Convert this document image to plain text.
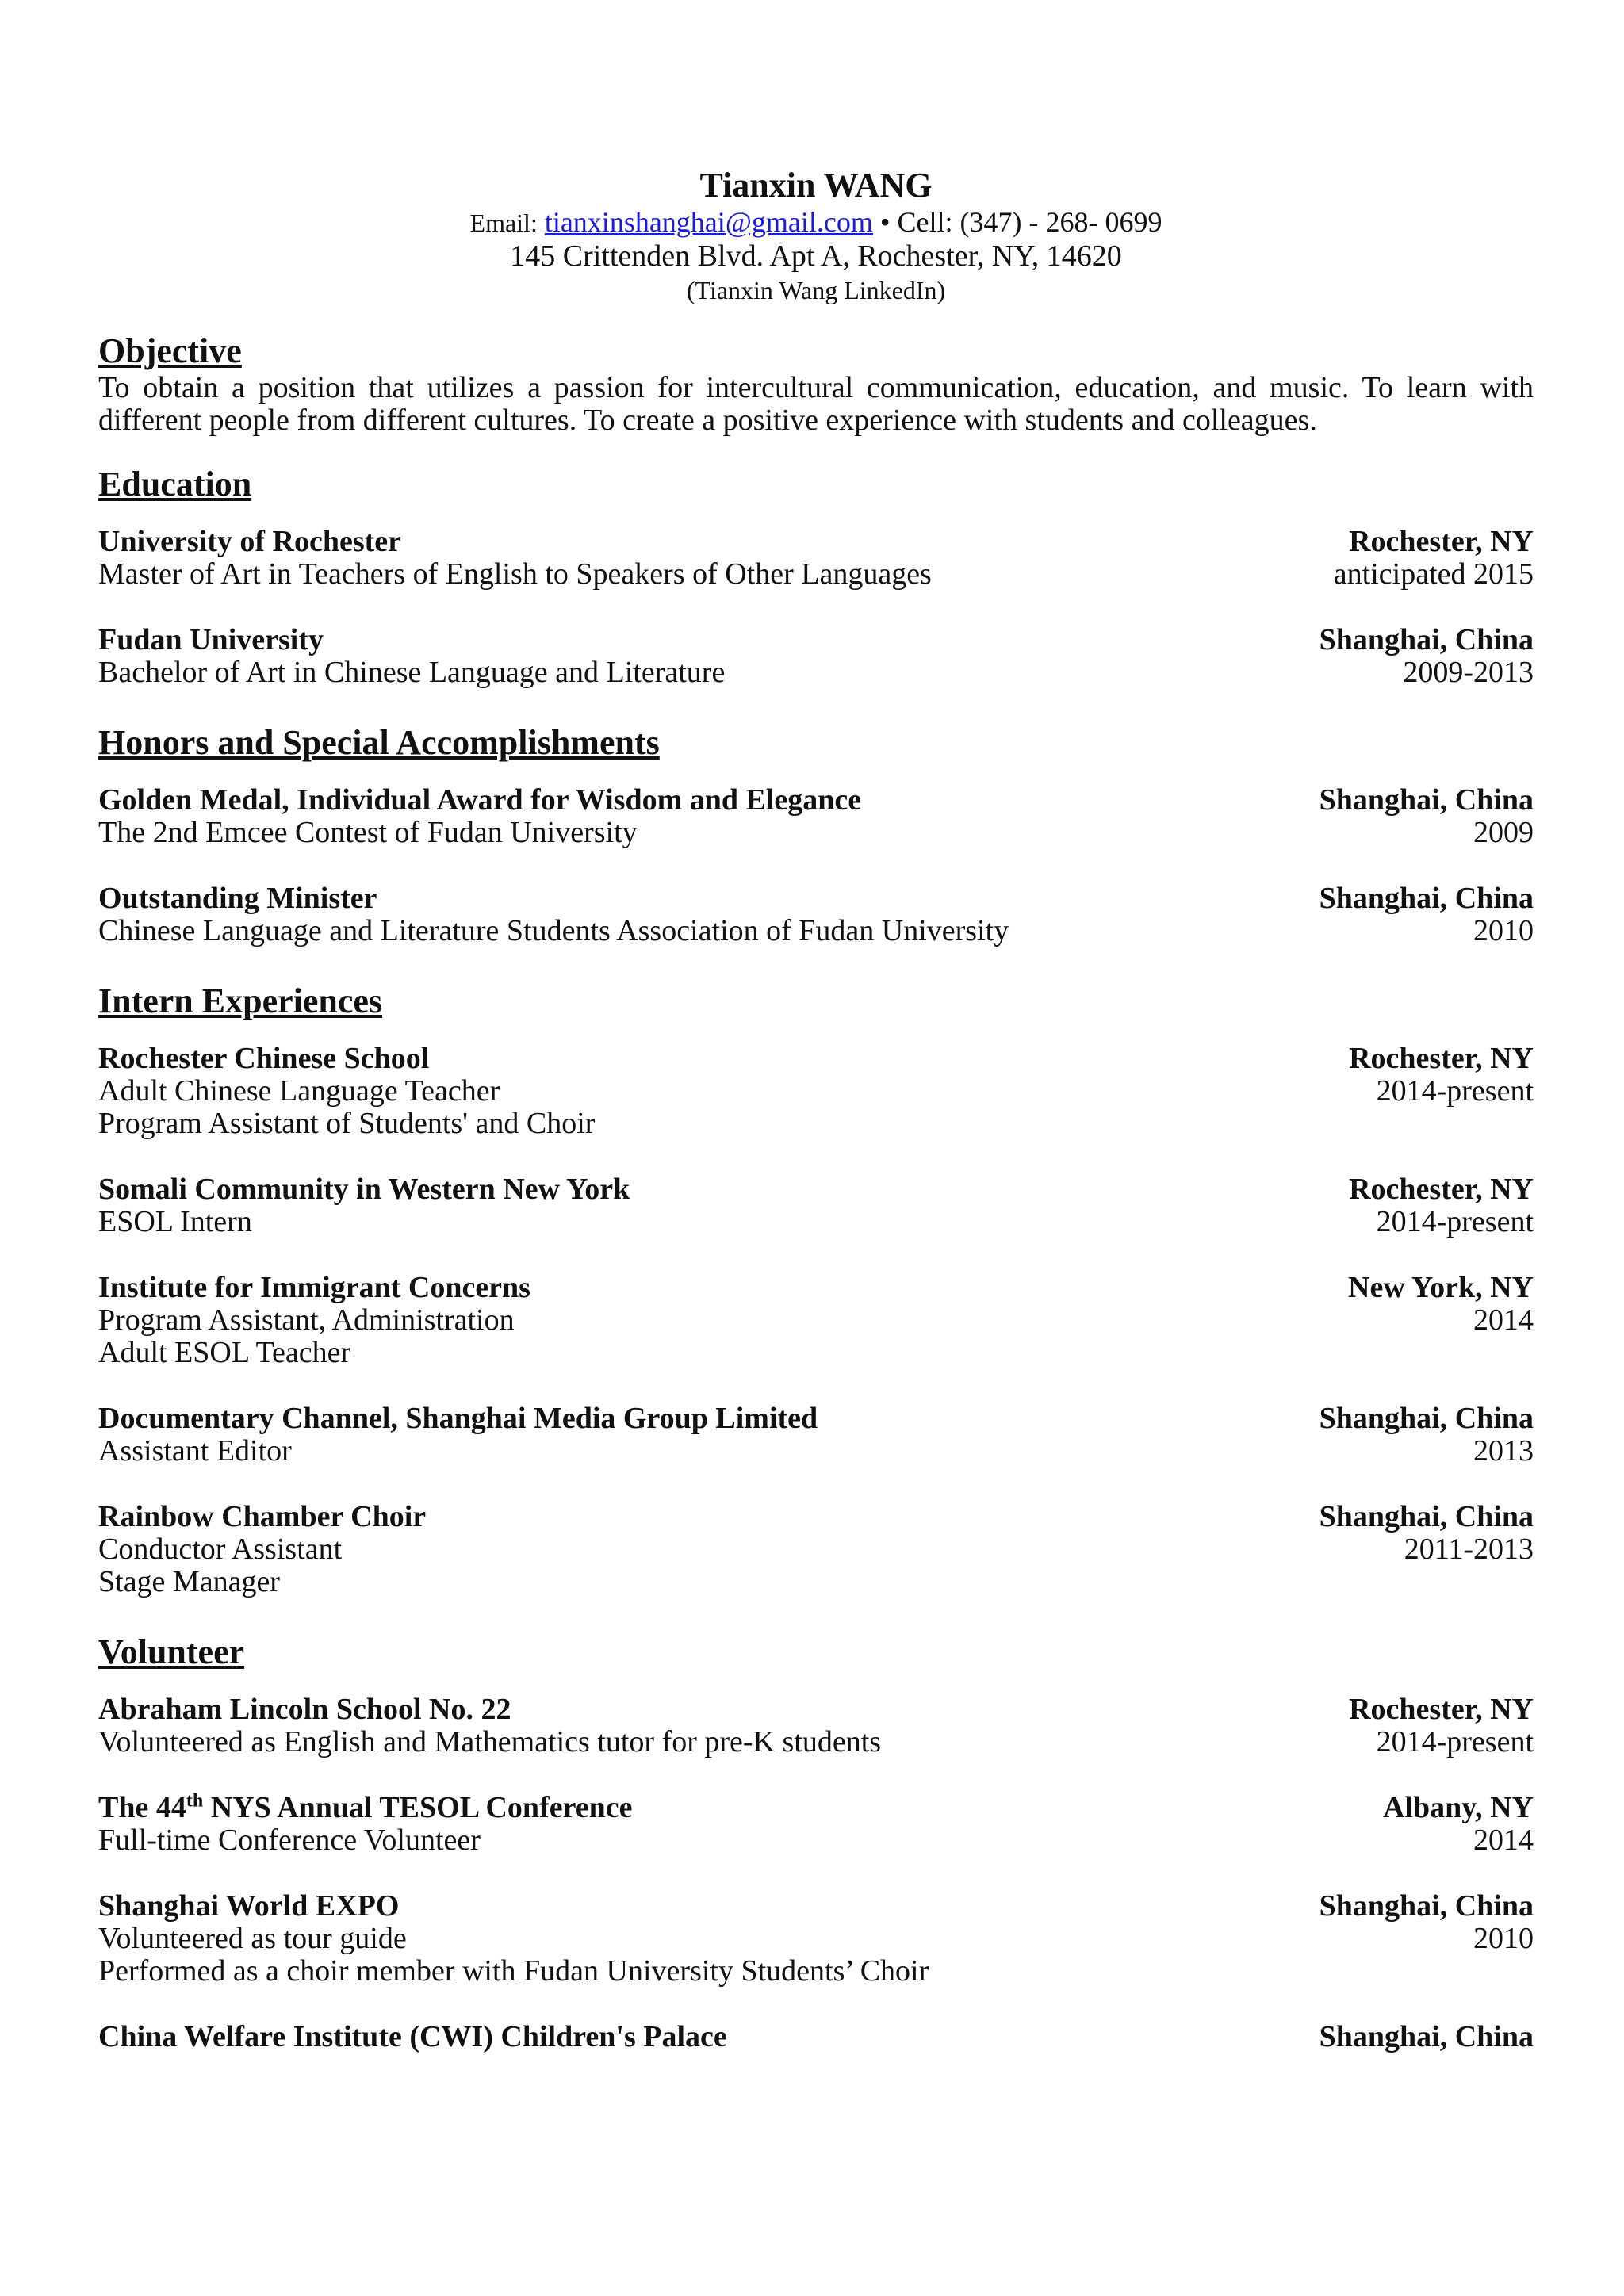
Tianxin WANG
Email: tianxinshanghai@gmail.com • Cell: (347) - 268- 0699
145 Crittenden Blvd. Apt A, Rochester, NY, 14620
(Tianxin Wang LinkedIn)
Objective

To obtain a position that utilizes a passion for intercultural communication, education, and music. To learn with different people from different cultures. To create a positive experience with students and colleagues.

Education
University of Rochester	Rochester, NY
Master of Art in Teachers of English to Speakers of Other Languages	anticipated 2015
Fudan University	Shanghai, China
Bachelor of Art in Chinese Language and Literature	2009-2013
Honors and Special Accomplishments
Golden Medal, Individual Award for Wisdom and Elegance	Shanghai, China
The 2nd Emcee Contest of Fudan University	2009
Outstanding Minister	Shanghai, China
Chinese Language and Literature Students Association of Fudan University	2010
Intern Experiences
Rochester Chinese School	Rochester, NY
Adult Chinese Language Teacher	2014-present
Program Assistant of Students' and Choir
Somali Community in Western New York	Rochester, NY
ESOL Intern	2014-present
Institute for Immigrant Concerns	New York, NY
Program Assistant, Administration	2014
Adult ESOL Teacher
Documentary Channel, Shanghai Media Group Limited	Shanghai, China
Assistant Editor	2013
Rainbow Chamber Choir	Shanghai, China
Conductor Assistant	2011-2013
Stage Manager
Volunteer
Abraham Lincoln School No. 22	Rochester, NY
Volunteered as English and Mathematics tutor for pre-K students	2014-present
The 44th NYS Annual TESOL Conference	Albany, NY
Full-time Conference Volunteer	2014
Shanghai World EXPO	Shanghai, China
Volunteered as tour guide	2010
Performed as a choir member with Fudan University Students’ Choir
China Welfare Institute (CWI) Children's Palace	Shanghai, China
